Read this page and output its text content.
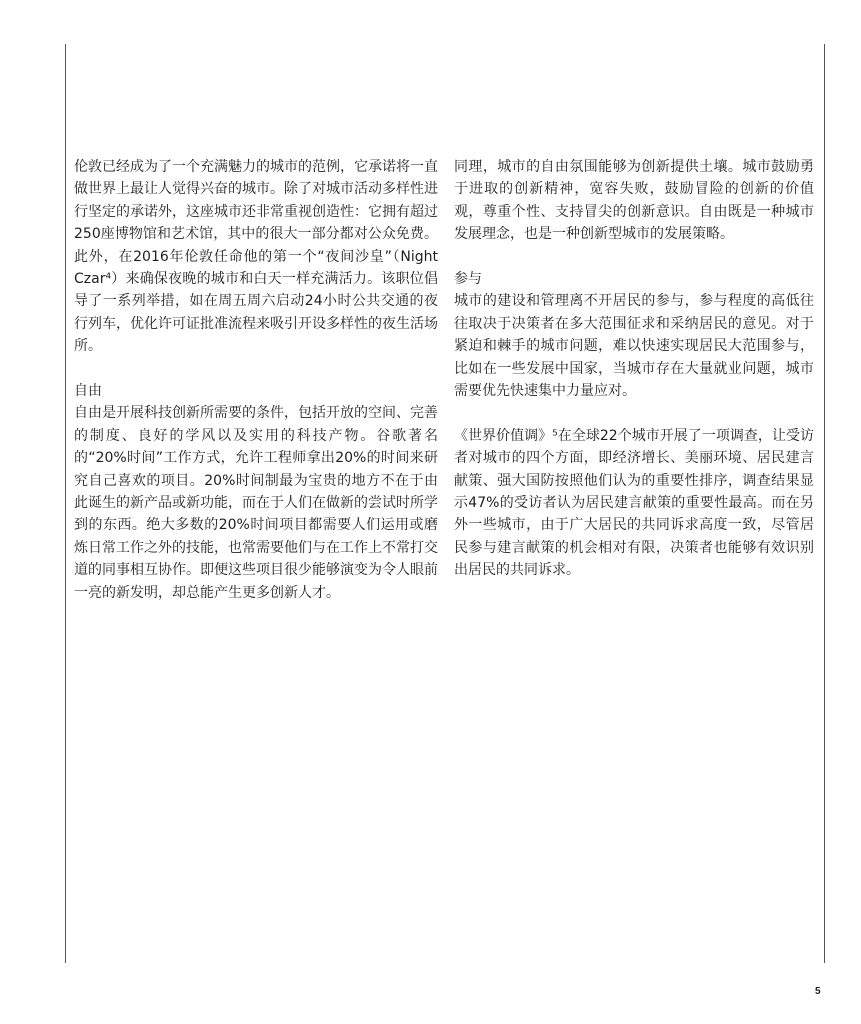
伦敦已经成为了一个充满魅力的城市的范例，它承诺将一直做世界上最让人觉得兴奋的城市。除了对城市活动多样性进行坚定的承诺外，这座城市还非常重视创造性：它拥有超过250座博物馆和艺术馆，其中的很大一部分都对公众免费。此外，在2016年伦敦任命他的第一个“夜间沙皇”（Night Czar⁴）来确保夜晚的城市和白天一样充满活力。该职位倡导了一系列举措，如在周五周六启动24小时公共交通的夜行列车，优化许可证批准流程来吸引开设多样性的夜生活场所。

自由

自由是开展科技创新所需要的条件，包括开放的空间、完善的制度、良好的学风以及实用的科技产物。谷歌著名的“20%时间”工作方式，允许工程师拿出20%的时间来研究自己喜欢的项目。20%时间制最为宝贵的地方不在于由此诞生的新产品或新功能，而在于人们在做新的尝试时所学到的东西。绝大多数的20%时间项目都需要人们运用或磨炼日常工作之外的技能，也常需要他们与在工作上不常打交道的同事相互协作。即便这些项目很少能够演变为令人眼前一亮的新发明，却总能产生更多创新人才。

同理，城市的自由氛围能够为创新提供土壤。城市鼓励勇于进取的创新精神，宽容失败，鼓励冒险的创新的价值观，尊重个性、支持冒尖的创新意识。自由既是一种城市发展理念，也是一种创新型城市的发展策略。

参与

城市的建设和管理离不开居民的参与，参与程度的高低往往取决于决策者在多大范围征求和采纳居民的意见。对于紧迫和棘手的城市问题，难以快速实现居民大范围参与，比如在一些发展中国家，当城市存在大量就业问题，城市需要优先快速集中力量应对。

《世界价值调》⁵在全球22个城市开展了一项调查，让受访者对城市的四个方面，即经济增长、美丽环境、居民建言献策、强大国防按照他们认为的重要性排序，调查结果显示47%的受访者认为居民建言献策的重要性最高。而在另外一些城市，由于广大居民的共同诉求高度一致，尽管居民参与建言献策的机会相对有限，决策者也能够有效识别出居民的共同诉求。

5
